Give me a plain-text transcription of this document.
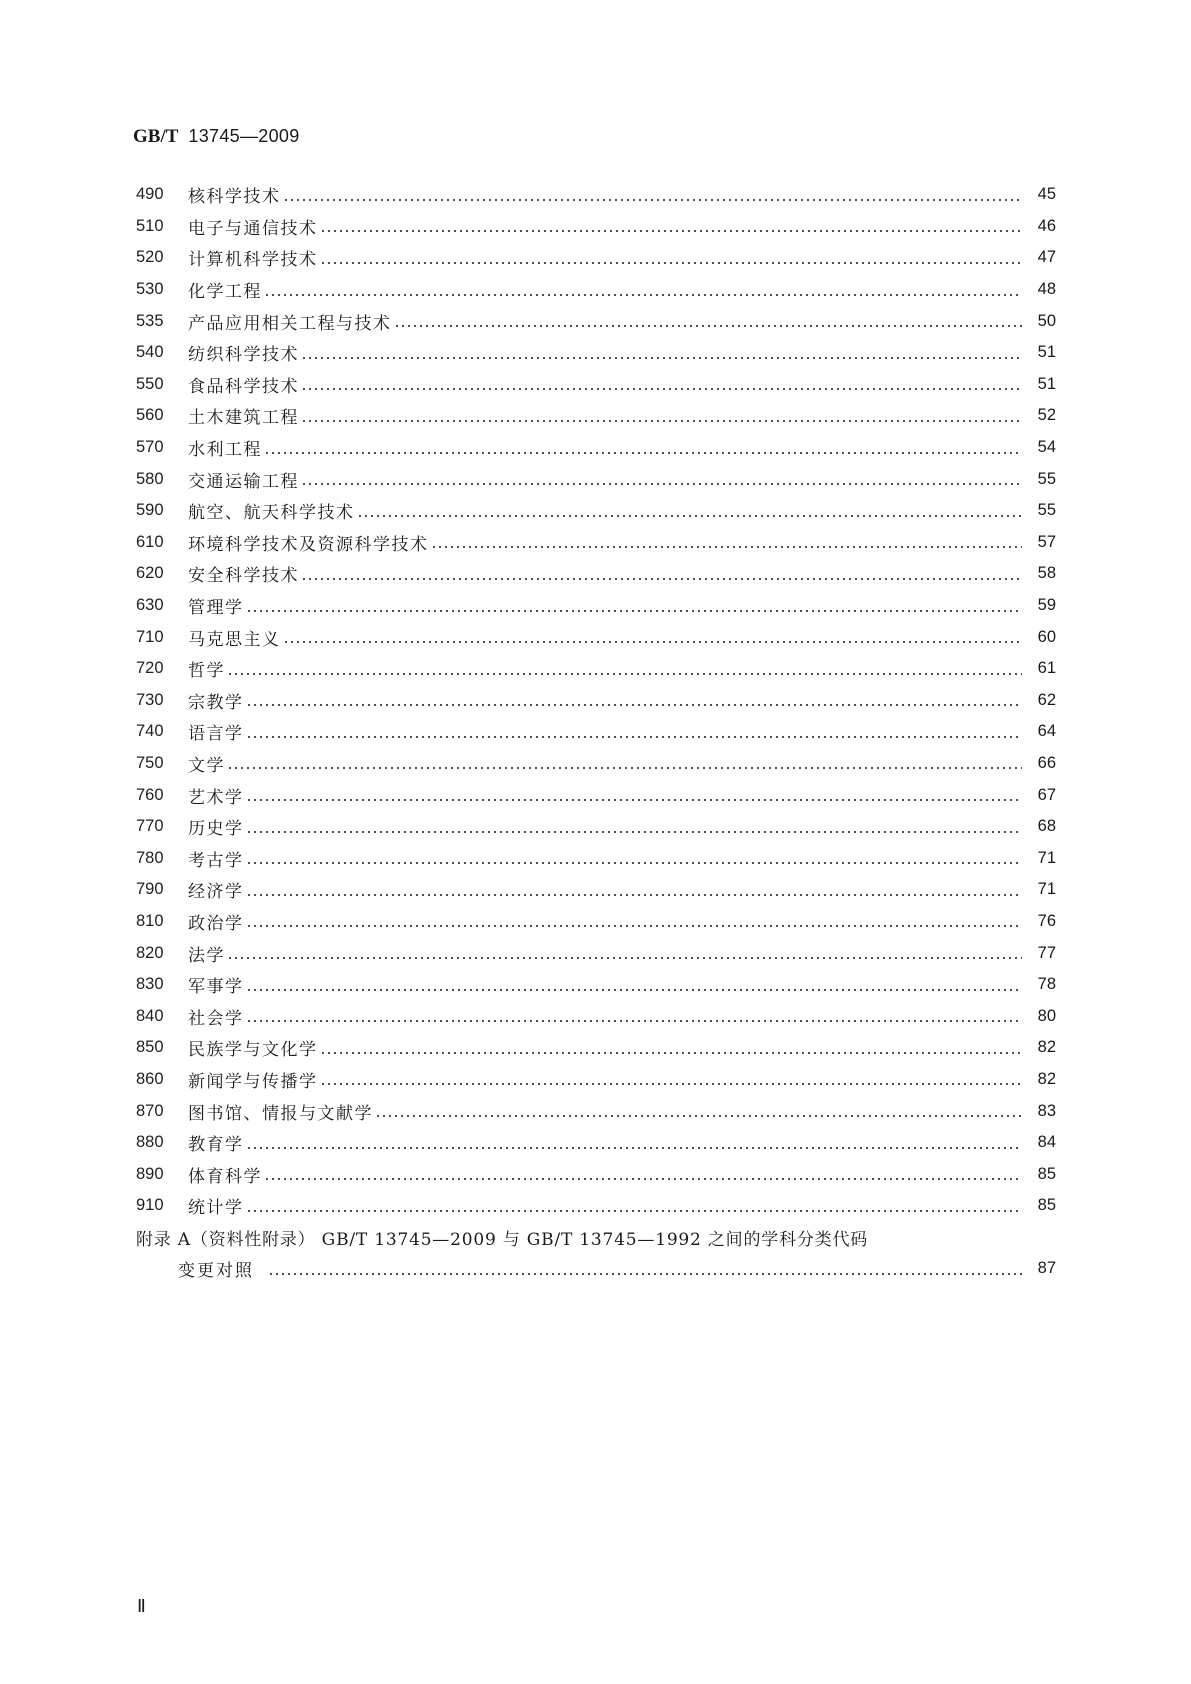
GB/T 13745—2009
490	核科学技术	45
510	电子与通信技术	46
520	计算机科学技术	47
530	化学工程	48
535	产品应用相关工程与技术	50
540	纺织科学技术	51
550	食品科学技术	51
560	土木建筑工程	52
570	水利工程	54
580	交通运输工程	55
590	航空、航天科学技术	55
610	环境科学技术及资源科学技术	57
620	安全科学技术	58
630	管理学	59
710	马克思主义	60
720	哲学	61
730	宗教学	62
740	语言学	64
750	文学	66
760	艺术学	67
770	历史学	68
780	考古学	71
790	经济学	71
810	政治学	76
820	法学	77
830	军事学	78
840	社会学	80
850	民族学与文化学	82
860	新闻学与传播学	82
870	图书馆、情报与文献学	83
880	教育学	84
890	体育科学	85
910	统计学	85
附录 A（资料性附录） GB/T 13745—2009 与 GB/T 13745—1992 之间的学科分类代码
变更对照	87
Ⅱ
